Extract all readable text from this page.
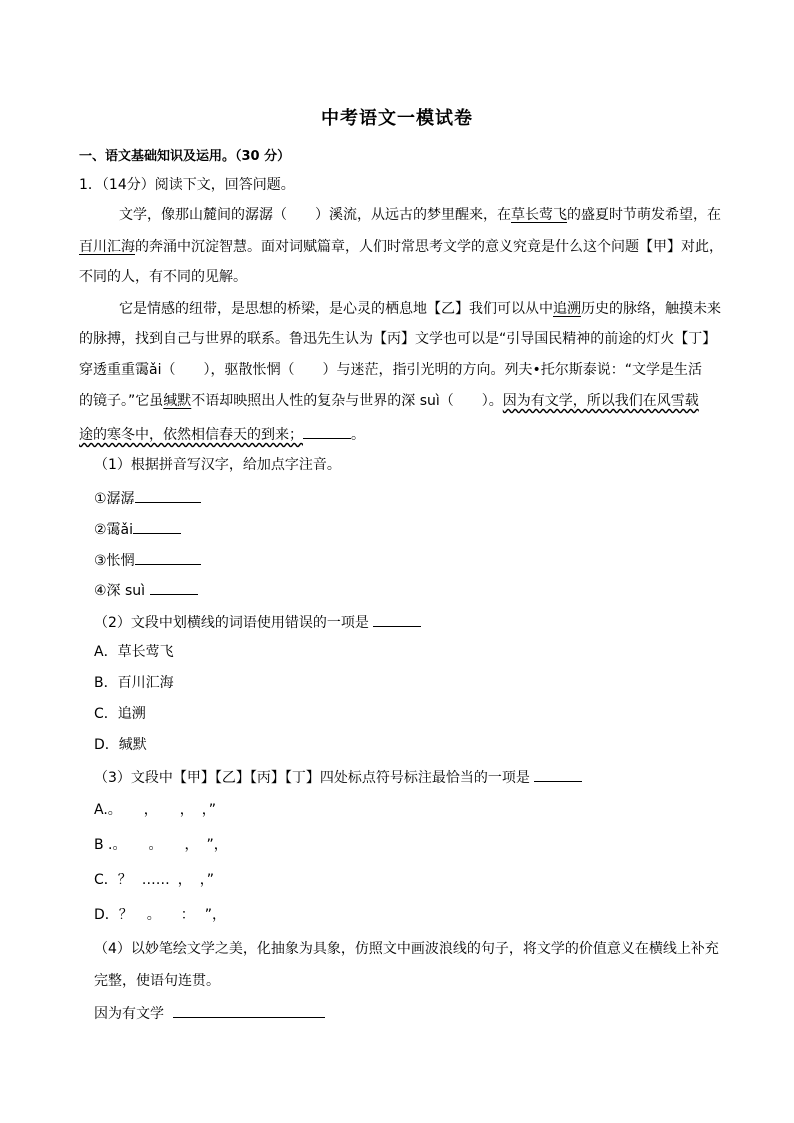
中考语文一模试卷
一、语文基础知识及运用。（30 分）
1．（14分）阅读下文，回答问题。
文学，像那山麓间的潺潺（　　）溪流，从远古的梦里醒来，在草长莺飞的盛夏时节萌发希望，在
百川汇海的奔涌中沉淀智慧。面对词赋篇章，人们时常思考文学的意义究竟是什么这个问题【甲】对此，
不同的人，有不同的见解。
它是情感的纽带，是思想的桥梁，是心灵的栖息地【乙】我们可以从中追溯历史的脉络，触摸未来
的脉搏，找到自己与世界的联系。鲁迅先生认为【丙】文学也可以是“引导国民精神的前途的灯火【丁】
穿透重重霭ǎi（　　），驱散怅惘（　　）与迷茫，指引光明的方向。列夫•托尔斯泰说：“文学是生活
的镜子。”它虽缄默不语却映照出人性的复杂与世界的深 suì（　　）。因为有文学，所以我们在风雪载
途的寒冬中，依然相信春天的到来；	。
（1）根据拼音写汉字，给加点字注音。
①潺潺
②霭ǎi
③怅惘
④深 suì
（2）文段中划横线的词语使用错误的一项是
A．草长莺飞
B．百川汇海
C．追溯
D．缄默
（3）文段中【甲】【乙】【丙】【丁】四处标点符号标注最恰当的一项是
A.。 ， ， ，”
B .。 。 ， ”，
C．？ …… ， ，”
D．？ 。 ： ”，
（4）以妙笔绘文学之美，化抽象为具象，仿照文中画波浪线的句子，将文学的价值意义在横线上补充
完整，使语句连贯。
因为有文学
